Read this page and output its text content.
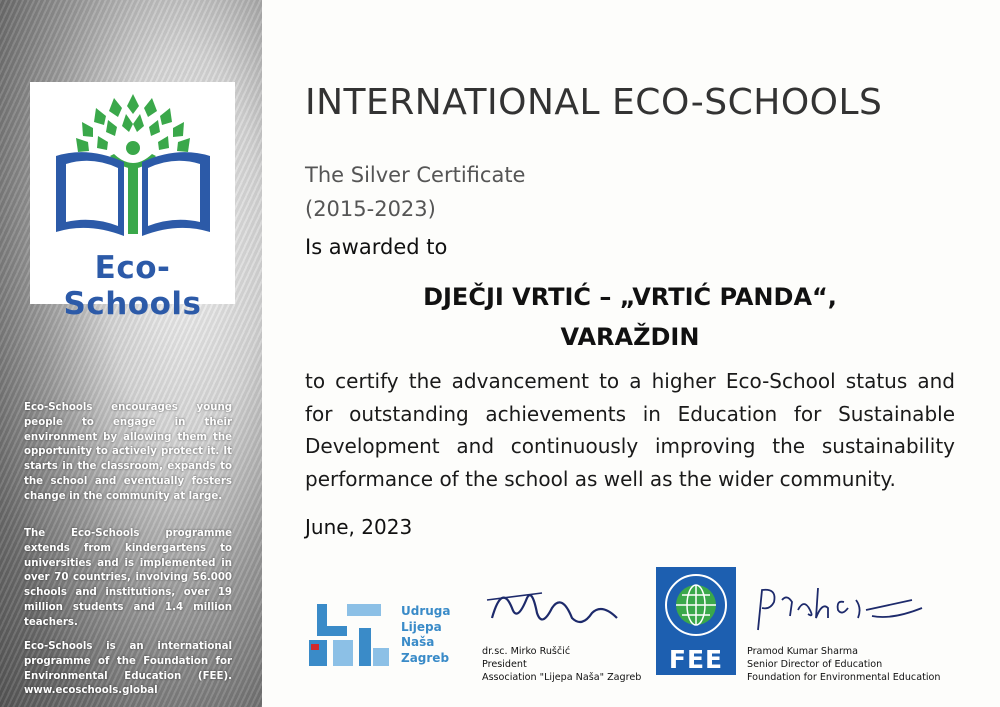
Eco-Schools
Eco-Schools encourages young people to engage in their environment by allowing them the opportunity to actively protect it. It starts in the classroom, expands to the school and eventually fosters change in the community at large.
The Eco-Schools programme extends from kindergartens to universities and is implemented in over 70 countries, involving 56.000 schools and institutions, over 19 million students and 1.4 million teachers.
Eco-Schools is an international programme of the Foundation for Environmental Education (FEE). www.ecoschools.global
INTERNATIONAL ECO-SCHOOLS
The Silver Certificate
(2015-2023)
Is awarded to
DJEČJI VRTIĆ – „VRTIĆ PANDA“,
VARAŽDIN
to certify the advancement to a higher Eco-School status and for outstanding achievements in Education for Sustainable Development and continuously improving the sustainability performance of the school as well as the wider community.
June, 2023
Udruga
Lijepa
Naša
Zagreb	dr.sc. Mirko Ruščić
President
Association "Lijepa Naša" Zagreb
FEE	Pramod Kumar Sharma
Senior Director of Education
Foundation for Environmental Education
